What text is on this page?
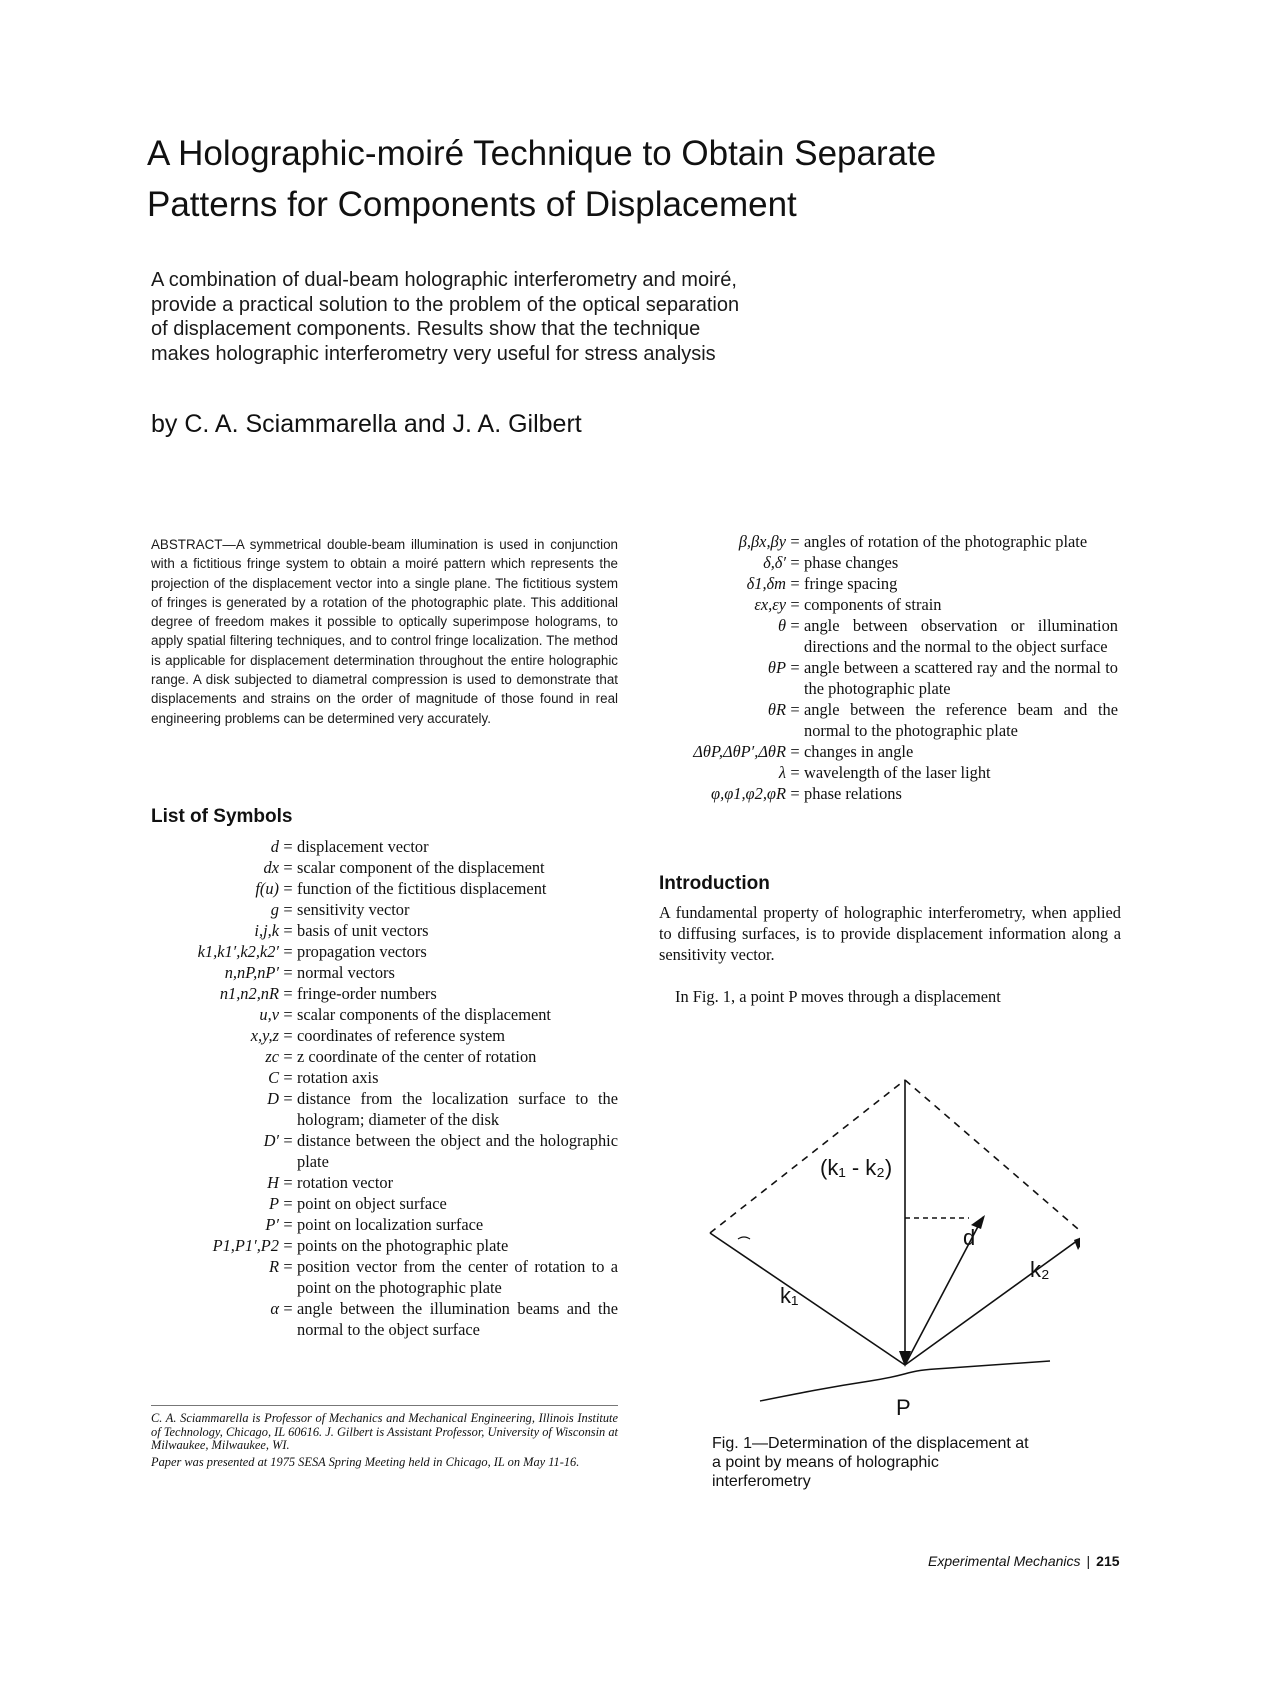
A Holographic-moiré Technique to Obtain Separate
Patterns for Components of Displacement

A combination of dual-beam holographic interferometry and moiré,
provide a practical solution to the problem of the optical separation
of displacement components. Results show that the technique
makes holographic interferometry very useful for stress analysis

by C. A. Sciammarella and J. A. Gilbert

ABSTRACT—A symmetrical double-beam illumination is used in conjunction with a fictitious fringe system to obtain a moiré pattern which represents the projection of the displacement vector into a single plane. The fictitious system of fringes is generated by a rotation of the photographic plate. This additional degree of freedom makes it possible to optically superimpose holograms, to apply spatial filtering techniques, and to control fringe localization. The method is applicable for displacement determination throughout the entire holographic range. A disk subjected to diametral compression is used to demonstrate that displacements and strains on the order of magnitude of those found in real engineering problems can be determined very accurately.

List of Symbols
d = displacement vector
dx = scalar component of the displacement
f(u) = function of the fictitious displacement
g = sensitivity vector
i,j,k = basis of unit vectors
k1,k1′,k2,k2′ = propagation vectors
n,nP,nP′ = normal vectors
n1,n2,nR = fringe-order numbers
u,v = scalar components of the displacement
x,y,z = coordinates of reference system
zc = z coordinate of the center of rotation
C = rotation axis
D = distance from the localization surface to the hologram; diameter of the disk
D′ = distance between the object and the holographic plate
H = rotation vector
P = point on object surface
P′ = point on localization surface
P1,P1′,P2 = points on the photographic plate
R = position vector from the center of rotation to a point on the photographic plate
α = angle between the illumination beams and the normal to the object surface
β,βx,βy = angles of rotation of the photographic plate
δ,δ′ = phase changes
δ1,δm = fringe spacing
εx,εy = components of strain
θ = angle between observation or illumination directions and the normal to the object surface
θP = angle between a scattered ray and the normal to the photographic plate
θR = angle between the reference beam and the normal to the photographic plate
ΔθP,ΔθP′,ΔθR = changes in angle
λ = wavelength of the laser light
φ,φ1,φ2,φR = phase relations
Introduction

A fundamental property of holographic interferometry, when applied to diffusing surfaces, is to provide displacement information along a sensitivity vector.

In Fig. 1, a point P moves through a displacement

(k₁ - k₂)
d
k₁
k₂
P

Fig. 1—Determination of the displacement at
a point by means of holographic
interferometry

C. A. Sciammarella is Professor of Mechanics and Mechanical Engineering, Illinois Institute of Technology, Chicago, IL 60616. J. Gilbert is Assistant Professor, University of Wisconsin at Milwaukee, Milwaukee, WI.

Paper was presented at 1975 SESA Spring Meeting held in Chicago, IL on May 11-16.

Experimental Mechanics | 215
